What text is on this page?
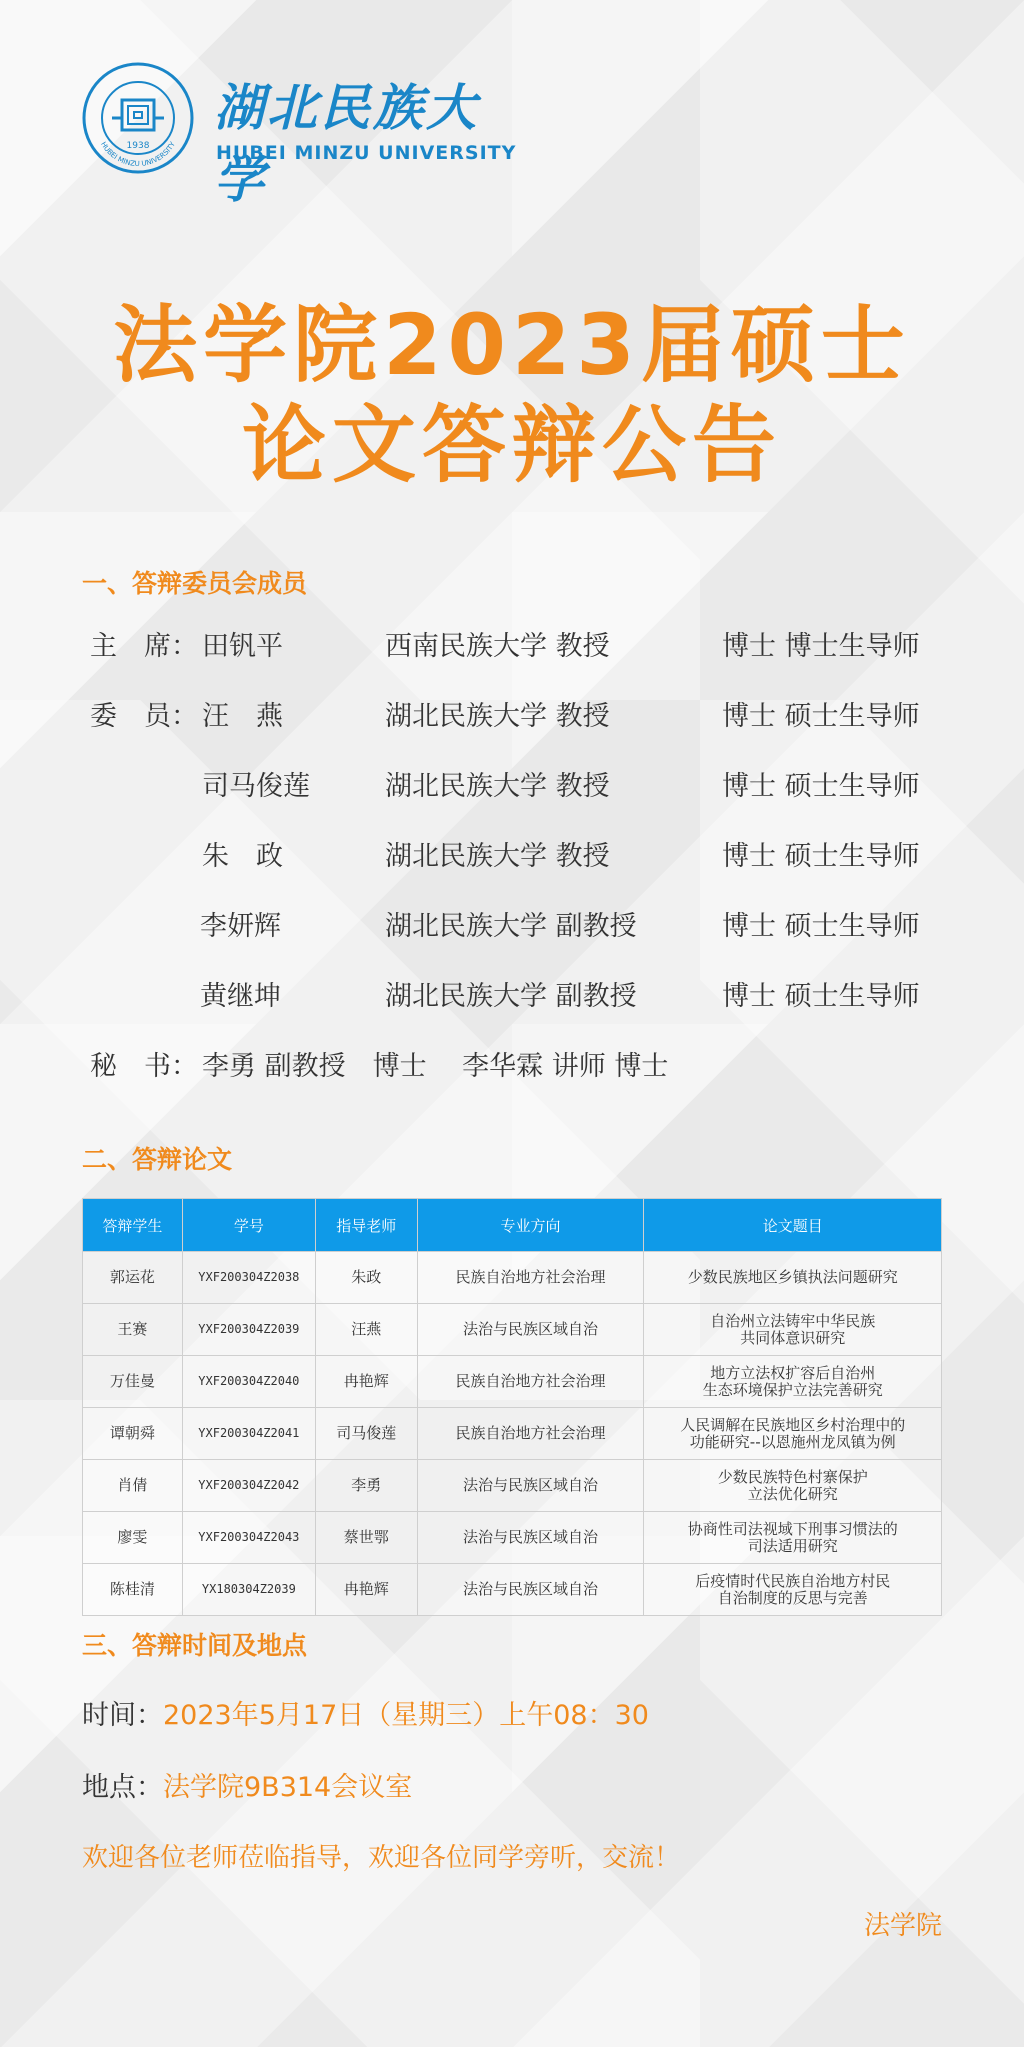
1938
HUBEI MINZU UNIVERSITY
湖北民族大学
HUBEI MINZU UNIVERSITY
法学院2023届硕士
论文答辩公告
一、答辩委员会成员
主　席： 田钒平	西南民族大学 教授	博士 博士生导师
委　员： 汪　燕	湖北民族大学 教授	博士 硕士生导师
司马俊莲	湖北民族大学 教授	博士 硕士生导师
朱　政	湖北民族大学 教授	博士 硕士生导师
李妍辉	湖北民族大学 副教授	博士 硕士生导师
黄继坤	湖北民族大学 副教授	博士 硕士生导师
秘　书： 李勇 副教授　博士　 李华霖 讲师 博士
二、答辩论文
答辩学生	学号	指导老师	专业方向	论文题目
郭运花	YXF200304Z2038	朱政	民族自治地方社会治理	少数民族地区乡镇执法问题研究
王赛	YXF200304Z2039	汪燕	法治与民族区域自治	自治州立法铸牢中华民族
共同体意识研究
万佳曼	YXF200304Z2040	冉艳辉	民族自治地方社会治理	地方立法权扩容后自治州
生态环境保护立法完善研究
谭朝舜	YXF200304Z2041	司马俊莲	民族自治地方社会治理	人民调解在民族地区乡村治理中的
功能研究--以恩施州龙凤镇为例
肖倩	YXF200304Z2042	李勇	法治与民族区域自治	少数民族特色村寨保护
立法优化研究
廖雯	YXF200304Z2043	蔡世鄂	法治与民族区域自治	协商性司法视域下刑事习惯法的
司法适用研究
陈桂清	YX180304Z2039	冉艳辉	法治与民族区域自治	后疫情时代民族自治地方村民
自治制度的反思与完善
三、答辩时间及地点
时间：2023年5月17日（星期三）上午08：30
地点：法学院9B314会议室
欢迎各位老师莅临指导，欢迎各位同学旁听，交流！
法学院
